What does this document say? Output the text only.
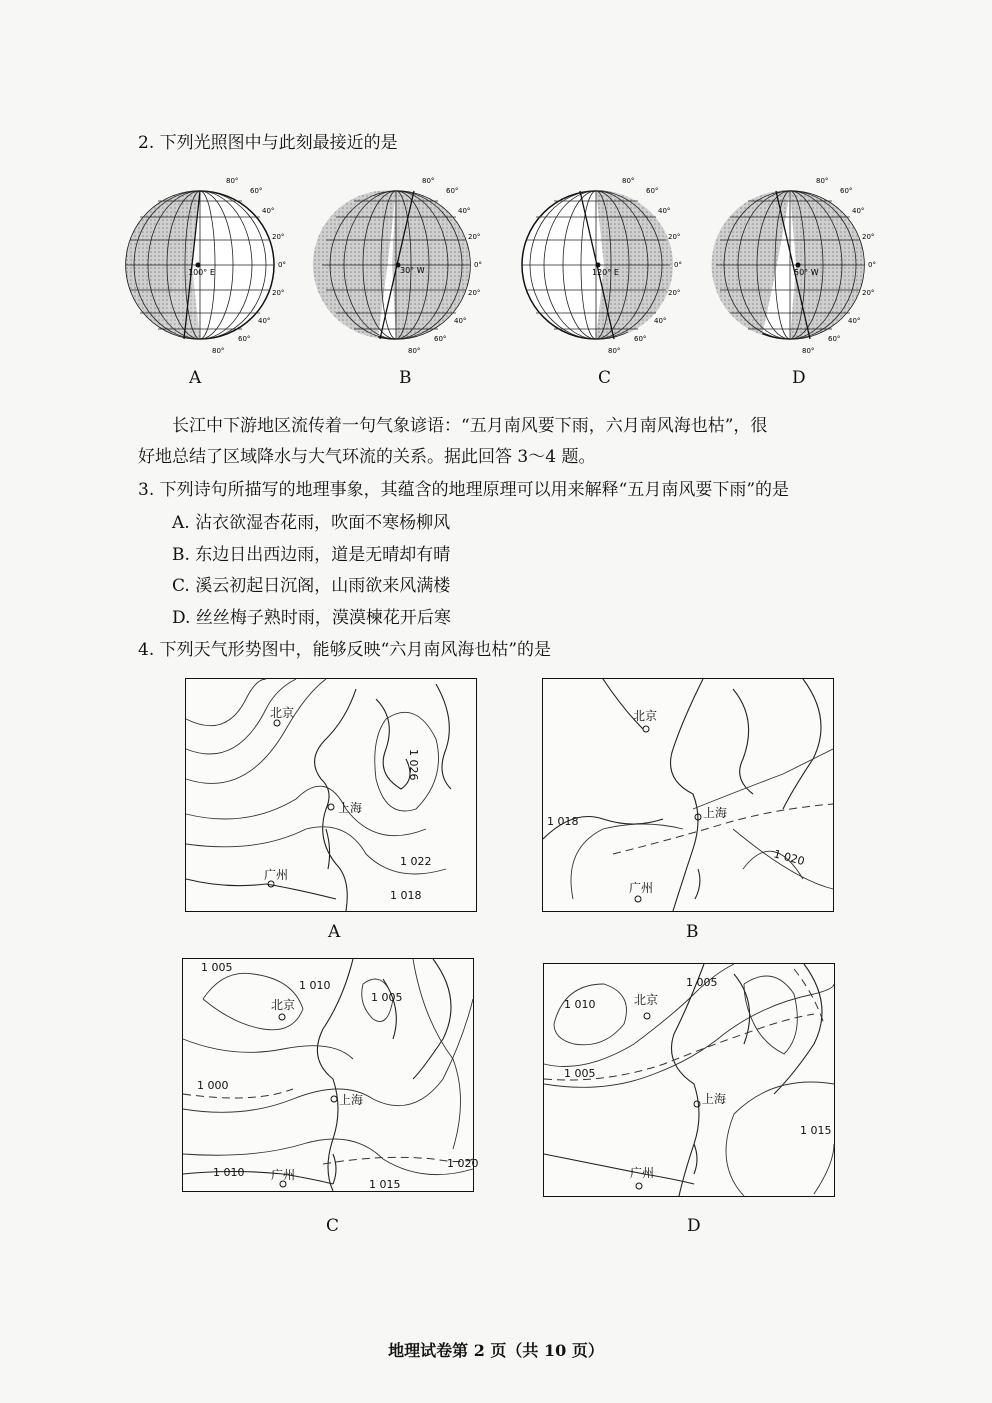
2. 下列光照图中与此刻最接近的是
100° E
80°
60°
40°
20°
0°
20°
40°
60°
80°
A
30° W
80°
60°
40°
20°
0°
20°
40°
60°
80°
B
120° E
80°
60°
40°
20°
0°
20°
40°
60°
80°
C
50° W
80°
60°
40°
20°
0°
20°
40°
60°
80°
D
长江中下游地区流传着一句气象谚语：“五月南风要下雨，六月南风海也枯”，很
好地总结了区域降水与大气环流的关系。据此回答 3～4 题。
3. 下列诗句所描写的地理事象，其蕴含的地理原理可以用来解释“五月南风要下雨”的是
A. 沾衣欲湿杏花雨，吹面不寒杨柳风
B. 东边日出西边雨，道是无晴却有晴
C. 溪云初起日沉阁，山雨欲来风满楼
D. 丝丝梅子熟时雨，漠漠楝花开后寒
4. 下列天气形势图中，能够反映“六月南风海也枯”的是
北京
上海
广州
1 026
1 022
1 018
A
北京
上海
广州
1 018
1 020
B
北京
上海
广州
1 005
1 010
1 005
1 000
1 020
1 010
1 015
C
北京
上海
广州
1 010
1 005
1 005
1 015
D
地理试卷第 2 页（共 10 页）
